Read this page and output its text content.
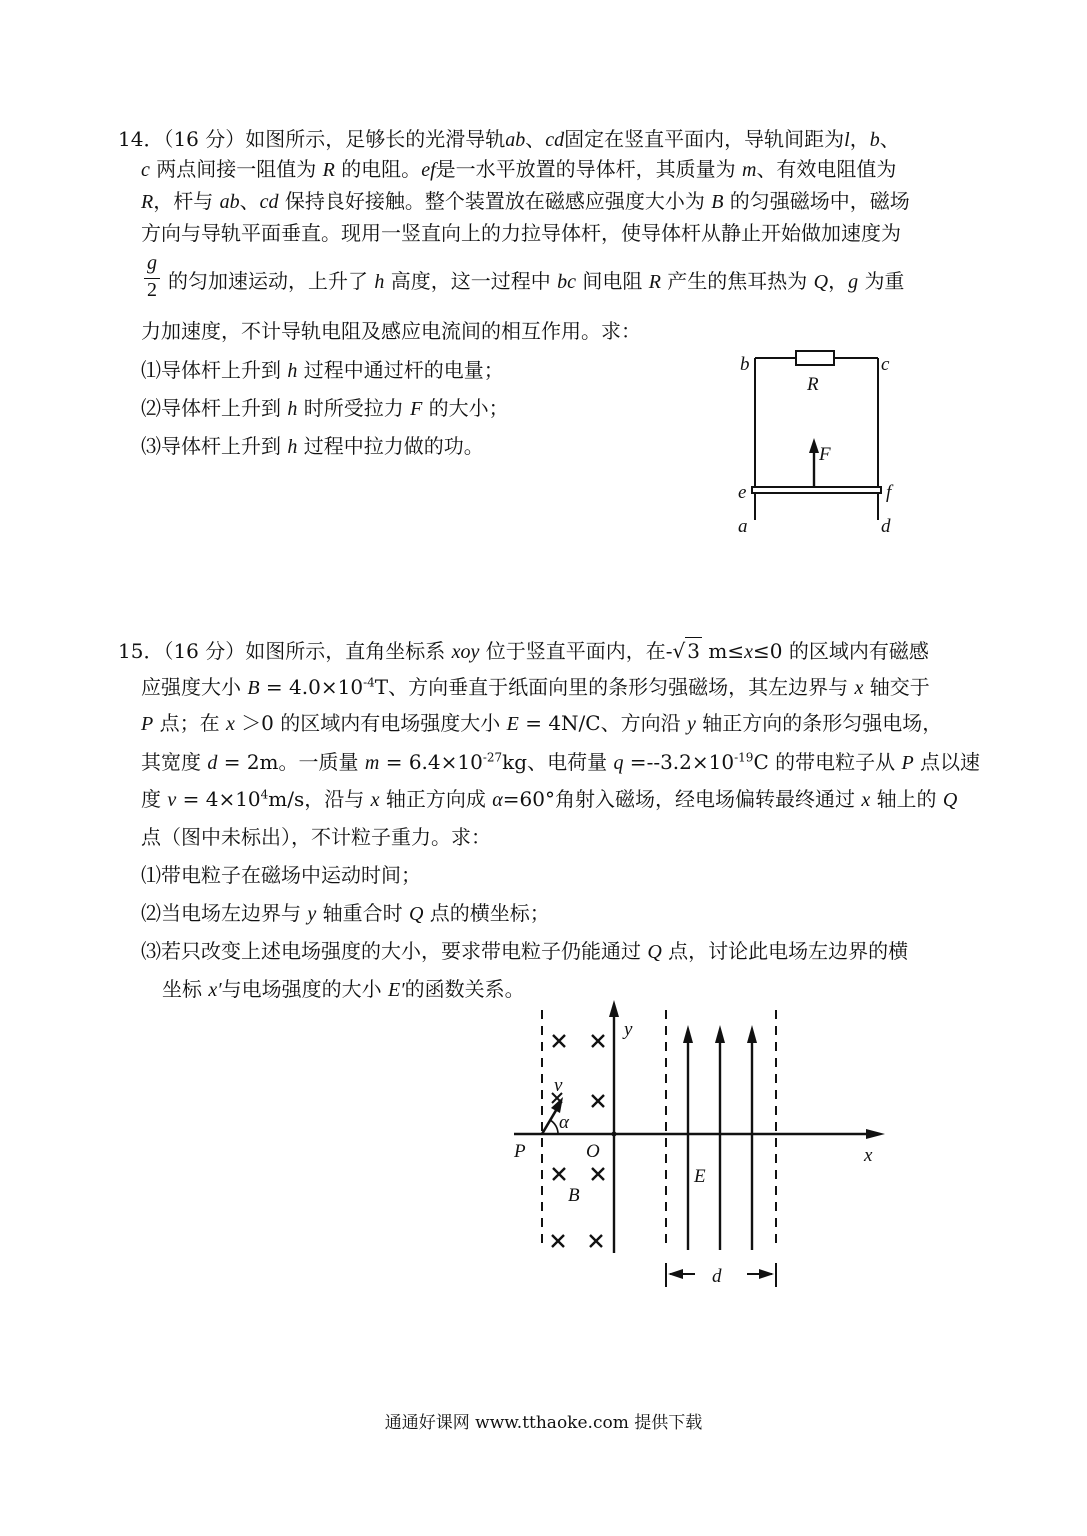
14．（16 分）如图所示，足够长的光滑导轨ab、cd固定在竖直平面内，导轨间距为l，b、
c 两点间接一阻值为 R 的电阻。ef是一水平放置的导体杆，其质量为 m、有效电阻值为
R，杆与 ab、cd 保持良好接触。整个装置放在磁感应强度大小为 B 的匀强磁场中，磁场
方向与导轨平面垂直。现用一竖直向上的力拉导体杆，使导体杆从静止开始做加速度为
g
2 的匀加速运动，上升了 h 高度，这一过程中 bc 间电阻 R 产生的焦耳热为 Q，g 为重
力加速度，不计导轨电阻及感应电流间的相互作用。求：
⑴导体杆上升到 h 过程中通过杆的电量；
⑵导体杆上升到 h 时所受拉力 F 的大小；
⑶导体杆上升到 h 过程中拉力做的功。
b	c
R
F
e	f
a	d
15．（16 分）如图所示，直角坐标系 xoy 位于竖直平面内，在-√ 3 m≤x≤0 的区域内有磁感
应强度大小 $B = 4.0\times 10^{-4}T$、方向垂直于纸面向里的条形匀强磁场，其左边界与 x 轴交于
P 点；在 x ＞0 的区域内有电场强度大小 E = 4N/C、方向沿 y 轴正方向的条形匀强电场，
其宽度 d = 2m。一质量 $m = 6.4\times 10^{-27}kg$、电荷量 $q =--3.2\times 10^{-19}C$ 的带电粒子从 P 点以速
度 $v = 4\times 10^4m/s$，沿与 x 轴正方向成 α=60°角射入磁场，经电场偏转最终通过 x 轴上的 Q
点（图中未标出），不计粒子重力。求：
⑴带电粒子在磁场中运动时间；
⑵当电场左边界与 y 轴重合时 Q 点的横坐标；
⑶若只改变上述电场强度的大小，要求带电粒子仍能通过 Q 点，讨论此电场左边界的横
坐标 x′与电场强度的大小 E′的函数关系。
y
v
α
P	O	x
B
E
d
通通好课网 www.tthaoke.com 提供下载
